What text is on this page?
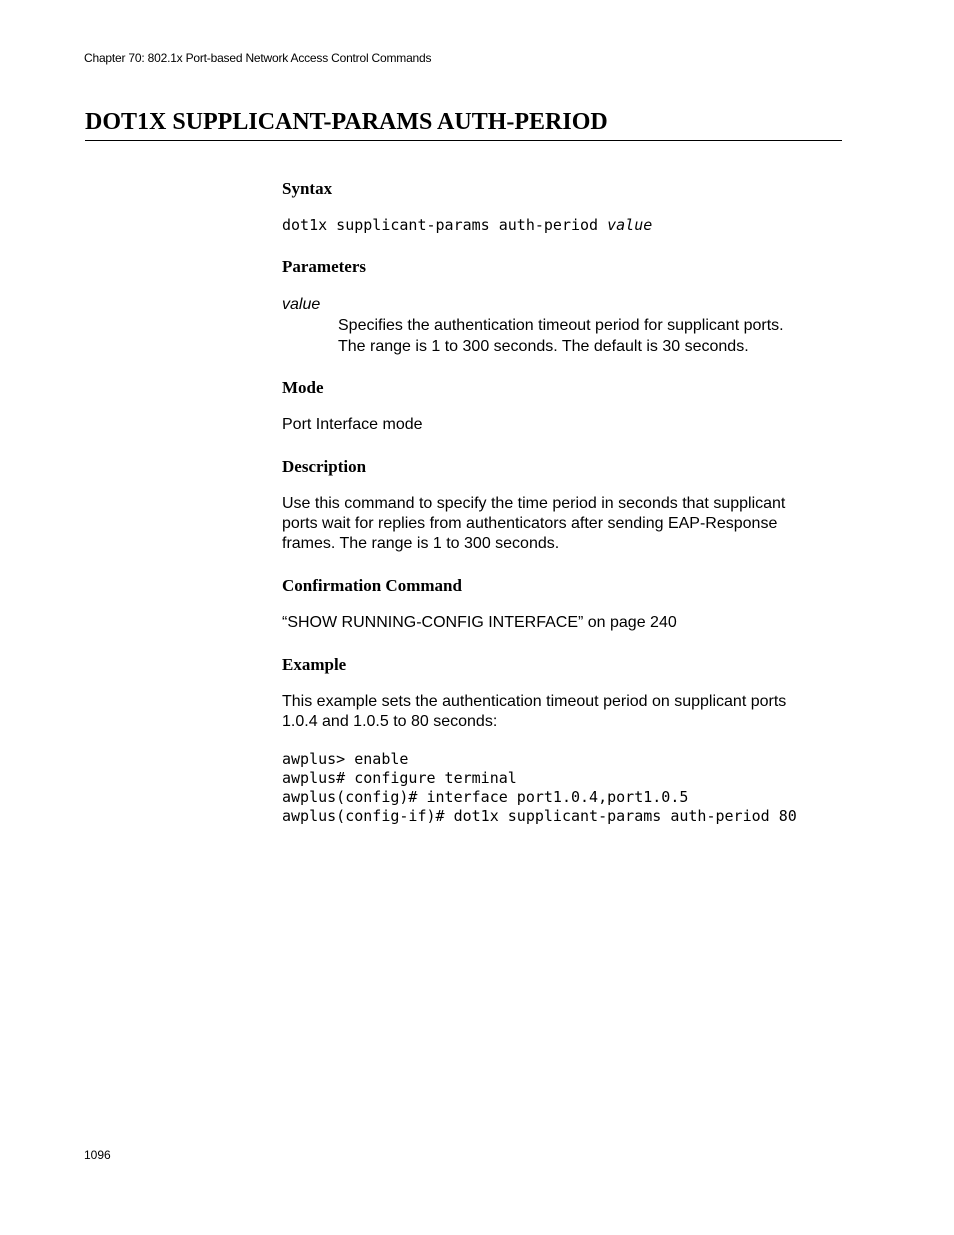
Chapter 70: 802.1x Port-based Network Access Control Commands
DOT1X SUPPLICANT-PARAMS AUTH-PERIOD
Syntax
dot1x supplicant-params auth-period value
Parameters
value
Specifies the authentication timeout period for supplicant ports.
The range is 1 to 300 seconds. The default is 30 seconds.
Mode
Port Interface mode
Description
Use this command to specify the time period in seconds that supplicant
ports wait for replies from authenticators after sending EAP-Response
frames. The range is 1 to 300 seconds.
Confirmation Command
“SHOW RUNNING-CONFIG INTERFACE” on page 240
Example
This example sets the authentication timeout period on supplicant ports
1.0.4 and 1.0.5 to 80 seconds:
awplus> enable
awplus# configure terminal
awplus(config)# interface port1.0.4,port1.0.5
awplus(config-if)# dot1x supplicant-params auth-period 80
1096
